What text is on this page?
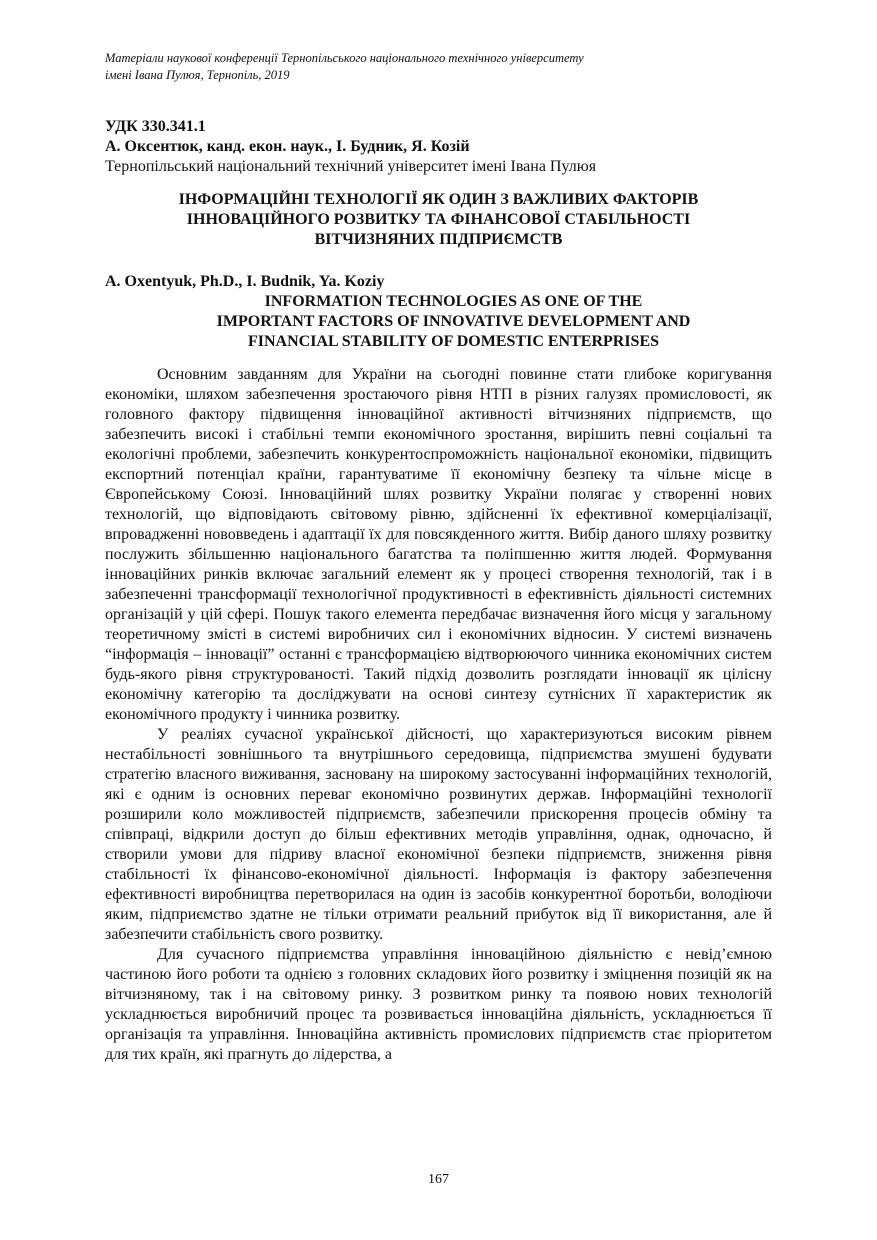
Матеріали наукової конференції Тернопільського національного технічного університету
імені Івана Пулюя, Тернопіль, 2019
УДК 330.341.1
А. Оксентюк, канд. екон. наук., І. Будник, Я. Козій
Тернопільський національний технічний університет імені Івана Пулюя
ІНФОРМАЦІЙНІ ТЕХНОЛОГІЇ ЯК ОДИН З ВАЖЛИВИХ ФАКТОРІВ
ІННОВАЦІЙНОГО РОЗВИТКУ ТА ФІНАНСОВОЇ СТАБІЛЬНОСТІ
ВІТЧИЗНЯНИХ ПІДПРИЄМСТВ
A. Oxentyuk, Ph.D., I. Budnik, Ya. Koziy
INFORMATION TECHNOLOGIES AS ONE OF THE
IMPORTANT FACTORS OF INNOVATIVE DEVELOPMENT AND
FINANCIAL STABILITY OF DOMESTIC ENTERPRISES

Основним завданням для України на сьогодні повинне стати глибоке коригування економіки, шляхом забезпечення зростаючого рівня НТП в різних галузях промисловості, як головного фактору підвищення інноваційної активності вітчизняних підприємств, що забезпечить високі і стабільні темпи економічного зростання, вирішить певні соціальні та екологічні проблеми, забезпечить конкурентоспроможність національної економіки, підвищить експортний потенціал країни, гарантуватиме її економічну безпеку та чільне місце в Європейському Союзі. Інноваційний шлях розвитку України полягає у створенні нових технологій, що відповідають світовому рівню, здійсненні їх ефективної комерціалізації, впровадженні нововведень і адаптації їх для повсякденного життя. Вибір даного шляху розвитку послужить збільшенню національного багатства та поліпшенню життя людей. Формування інноваційних ринків включає загальний елемент як у процесі створення технологій, так і в забезпеченні трансформації технологічної продуктивності в ефективність діяльності системних організацій у цій сфері. Пошук такого елемента передбачає визначення його місця у загальному теоретичному змісті в системі виробничих сил і економічних відносин. У системі визначень “інформація – інновації” останні є трансформацією відтворюючого чинника економічних систем будь-якого рівня структурованості. Такий підхід дозволить розглядати інновації як цілісну економічну категорію та досліджувати на основі синтезу сутнісних її характеристик як економічного продукту і чинника розвитку.

У реаліях сучасної української дійсності, що характеризуються високим рівнем нестабільності зовнішнього та внутрішнього середовища, підприємства змушені будувати стратегію власного виживання, засновану на широкому застосуванні інформаційних технологій, які є одним із основних переваг економічно розвинутих держав. Інформаційні технології розширили коло можливостей підприємств, забезпечили прискорення процесів обміну та співпраці, відкрили доступ до більш ефективних методів управління, однак, одночасно, й створили умови для підриву власної економічної безпеки підприємств, зниження рівня стабільності їх фінансово-економічної діяльності. Інформація із фактору забезпечення ефективності виробництва перетворилася на один із засобів конкурентної боротьби, володіючи яким, підприємство здатне не тільки отримати реальний прибуток від її використання, але й забезпечити стабільність свого розвитку.

Для сучасного підприємства управління інноваційною діяльністю є невід’ємною частиною його роботи та однією з головних складових його розвитку і зміцнення позицій як на вітчизняному, так і на світовому ринку. З розвитком ринку та появою нових технологій ускладнюється виробничий процес та розвивається інноваційна діяльність, ускладнюється її організація та управління. Інноваційна активність промислових підприємств стає пріоритетом для тих країн, які прагнуть до лідерства, а

167
